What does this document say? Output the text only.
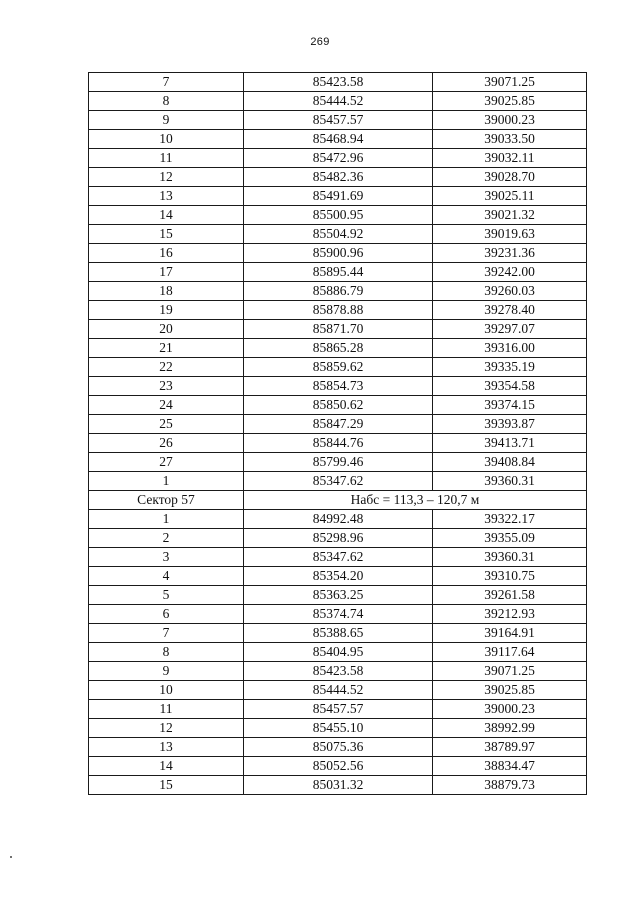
269
7	85423.58	39071.25
8	85444.52	39025.85
9	85457.57	39000.23
10	85468.94	39033.50
11	85472.96	39032.11
12	85482.36	39028.70
13	85491.69	39025.11
14	85500.95	39021.32
15	85504.92	39019.63
16	85900.96	39231.36
17	85895.44	39242.00
18	85886.79	39260.03
19	85878.88	39278.40
20	85871.70	39297.07
21	85865.28	39316.00
22	85859.62	39335.19
23	85854.73	39354.58
24	85850.62	39374.15
25	85847.29	39393.87
26	85844.76	39413.71
27	85799.46	39408.84
1	85347.62	39360.31
Сектор 57	Набс = 113,3 – 120,7 м	
1	84992.48	39322.17
2	85298.96	39355.09
3	85347.62	39360.31
4	85354.20	39310.75
5	85363.25	39261.58
6	85374.74	39212.93
7	85388.65	39164.91
8	85404.95	39117.64
9	85423.58	39071.25
10	85444.52	39025.85
11	85457.57	39000.23
12	85455.10	38992.99
13	85075.36	38789.97
14	85052.56	38834.47
15	85031.32	38879.73
